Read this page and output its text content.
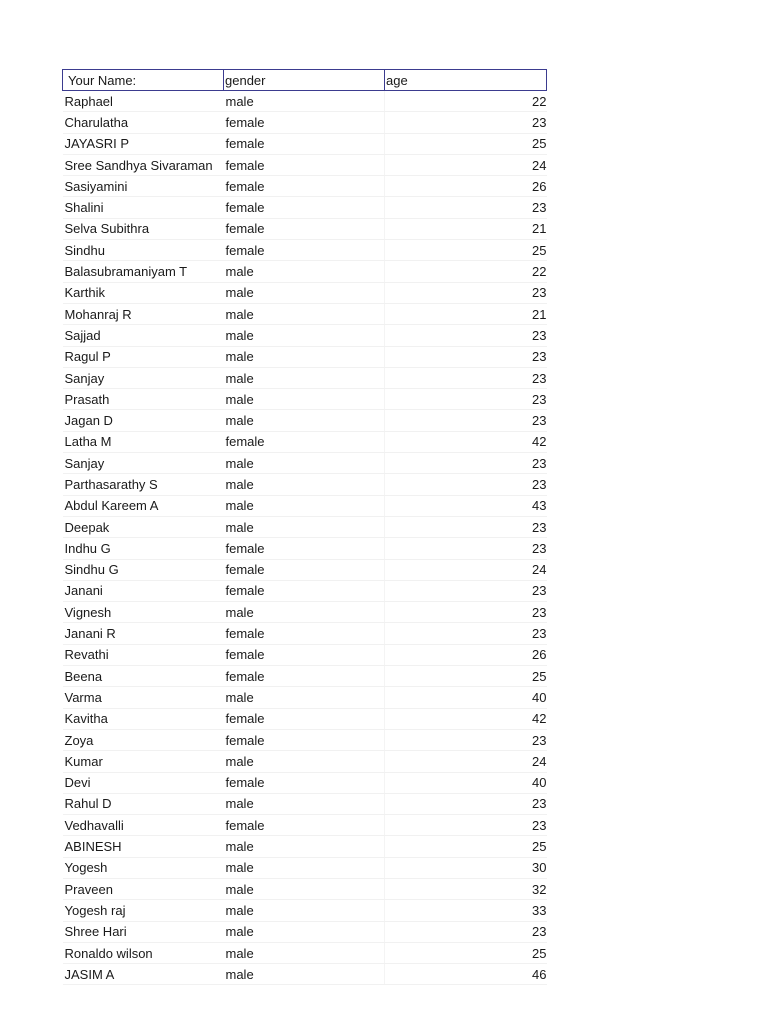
Your Name:	gender	age
Raphael	male	22
Charulatha	female	23
JAYASRI P	female	25
Sree Sandhya Sivaraman	female	24
Sasiyamini	female	26
Shalini	female	23
Selva Subithra	female	21
Sindhu	female	25
Balasubramaniyam T	male	22
Karthik	male	23
Mohanraj R	male	21
Sajjad	male	23
Ragul P	male	23
Sanjay	male	23
Prasath	male	23
Jagan D	male	23
Latha M	female	42
Sanjay	male	23
Parthasarathy S	male	23
Abdul Kareem A	male	43
Deepak	male	23
Indhu G	female	23
Sindhu G	female	24
Janani	female	23
Vignesh	male	23
Janani R	female	23
Revathi	female	26
Beena	female	25
Varma	male	40
Kavitha	female	42
Zoya	female	23
Kumar	male	24
Devi	female	40
Rahul D	male	23
Vedhavalli	female	23
ABINESH	male	25
Yogesh	male	30
Praveen	male	32
Yogesh raj	male	33
Shree Hari	male	23
Ronaldo wilson	male	25
JASIM A	male	46
